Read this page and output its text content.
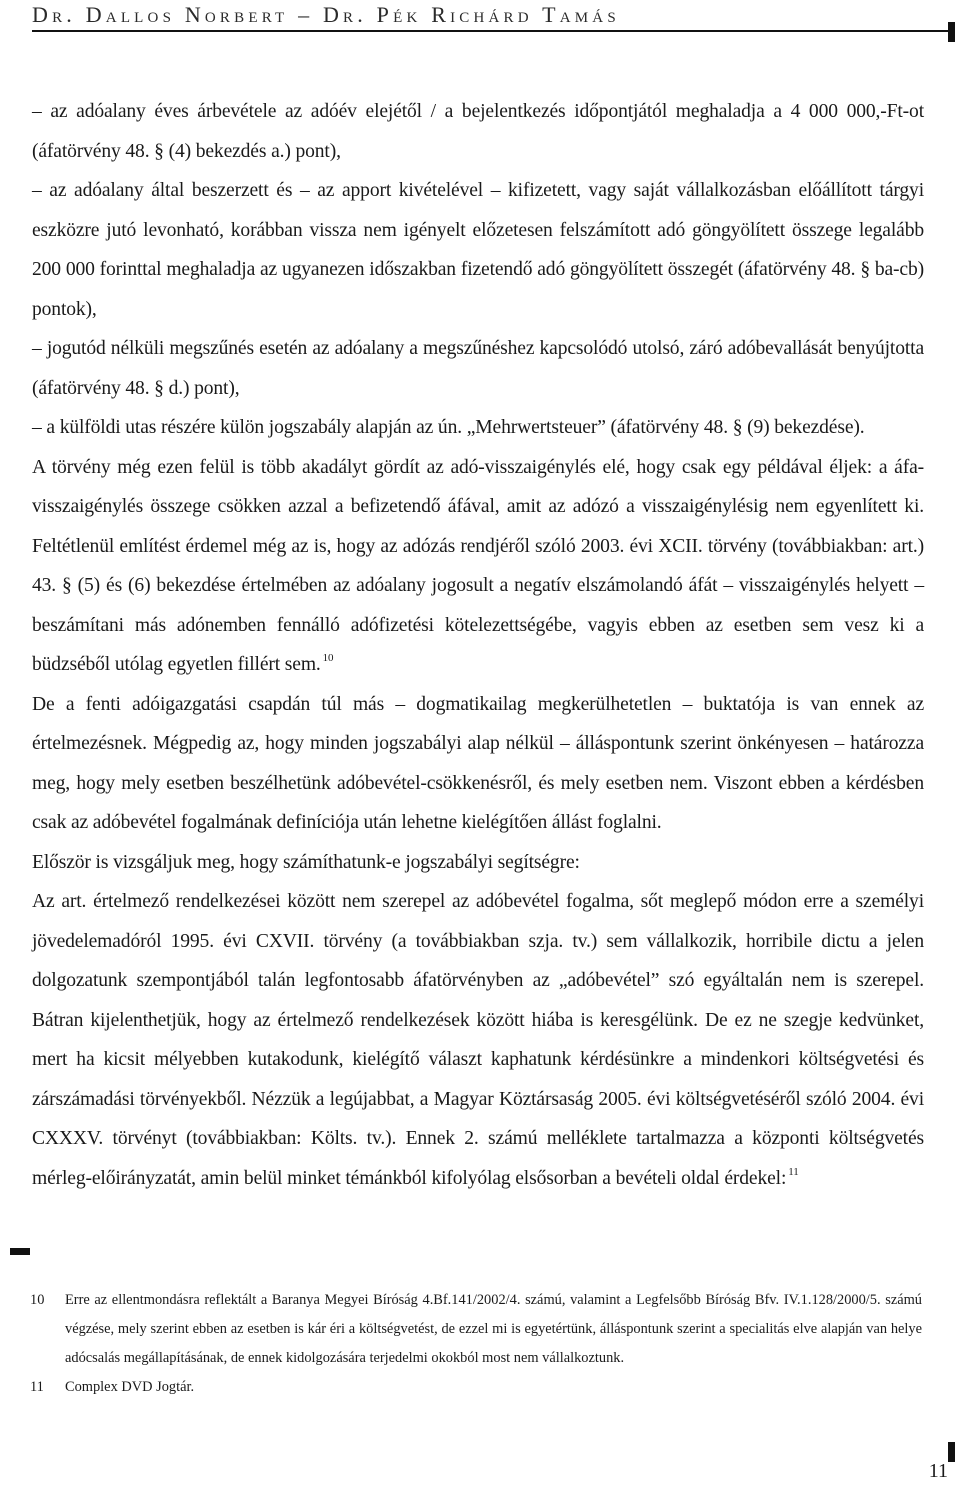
Dr. Dallos Norbert – Dr. Pék Richárd Tamás

– az adóalany éves árbevétele az adóév elejétől / a bejelentkezés időpontjától meghaladja a 4 000 000,-Ft-ot (áfatörvény 48. § (4) bekezdés a.) pont),

– az adóalany által beszerzett és – az apport kivételével – kifizetett, vagy saját vállalkozásban előállított tárgyi eszközre jutó levonható, korábban vissza nem igényelt előzetesen felszámított adó göngyölített összege legalább 200 000 forinttal meghaladja az ugyanezen időszakban fizetendő adó göngyölített összegét (áfatörvény 48. § ba-cb) pontok),

– jogutód nélküli megszűnés esetén az adóalany a megszűnéshez kapcsolódó utolsó, záró adóbevallását benyújtotta (áfatörvény 48. § d.) pont),

– a külföldi utas részére külön jogszabály alapján az ún. „Mehrwertsteuer” (áfatörvény 48. § (9) bekezdése).

A törvény még ezen felül is több akadályt gördít az adó-visszaigénylés elé, hogy csak egy példával éljek: a áfa-visszaigénylés összege csökken azzal a befizetendő áfával, amit az adózó a visszaigénylésig nem egyenlített ki. Feltétlenül említést érdemel még az is, hogy az adózás rendjéről szóló 2003. évi XCII. törvény (továbbiakban: art.) 43. § (5) és (6) bekezdése értelmében az adóalany jogosult a negatív elszámolandó áfát – visszaigénylés helyett – beszámítani más adónemben fennálló adófizetési kötelezettségébe, vagyis ebben az esetben sem vesz ki a büdzséből utólag egyetlen fillért sem. $^{10}$

De a fenti adóigazgatási csapdán túl más – dogmatikailag megkerülhetetlen – buktatója is van ennek az értelmezésnek. Mégpedig az, hogy minden jogszabályi alap nélkül – álláspontunk szerint önkényesen – határozza meg, hogy mely esetben beszélhetünk adóbevétel-csökkenésről, és mely esetben nem. Viszont ebben a kérdésben csak az adóbevétel fogalmának definíciója után lehetne kielégítően állást foglalni.

Először is vizsgáljuk meg, hogy számíthatunk-e jogszabályi segítségre:

Az art. értelmező rendelkezései között nem szerepel az adóbevétel fogalma, sőt meglepő módon erre a személyi jövedelemadóról 1995. évi CXVII. törvény (a továbbiakban szja. tv.) sem vállalkozik, horribile dictu a jelen dolgozatunk szempontjából talán legfontosabb áfatörvényben az „adóbevétel” szó egyáltalán nem is szerepel. Bátran kijelenthetjük, hogy az értelmező rendelkezések között hiába is keresgélünk. De ez ne szegje kedvünket, mert ha kicsit mélyebben kutakodunk, kielégítő választ kaphatunk kérdésünkre a mindenkori költségvetési és zárszámadási törvényekből. Nézzük a legújabbat, a Magyar Köztársaság 2005. évi költségvetéséről szóló 2004. évi CXXXV. törvényt (továbbiakban: Költs. tv.). Ennek 2. számú melléklete tartalmazza a központi költségvetés mérleg-előirányzatát, amin belül minket témánkból kifolyólag elsősorban a bevételi oldal érdekel: $^{11}$

10	Erre az ellentmondásra reflektált a Baranya Megyei Bíróság 4.Bf.141/2002/4. számú, valamint a Legfelsőbb Bíróság Bfv. IV.1.128/2000/5. számú végzése, mely szerint ebben az esetben is kár éri a költségvetést, de ezzel mi is egyetértünk, álláspontunk szerint a specialitás elve alapján van helye adócsalás megállapításának, de ennek kidolgozására terjedelmi okokból most nem vállalkoztunk.
11	Complex DVD Jogtár.
11
